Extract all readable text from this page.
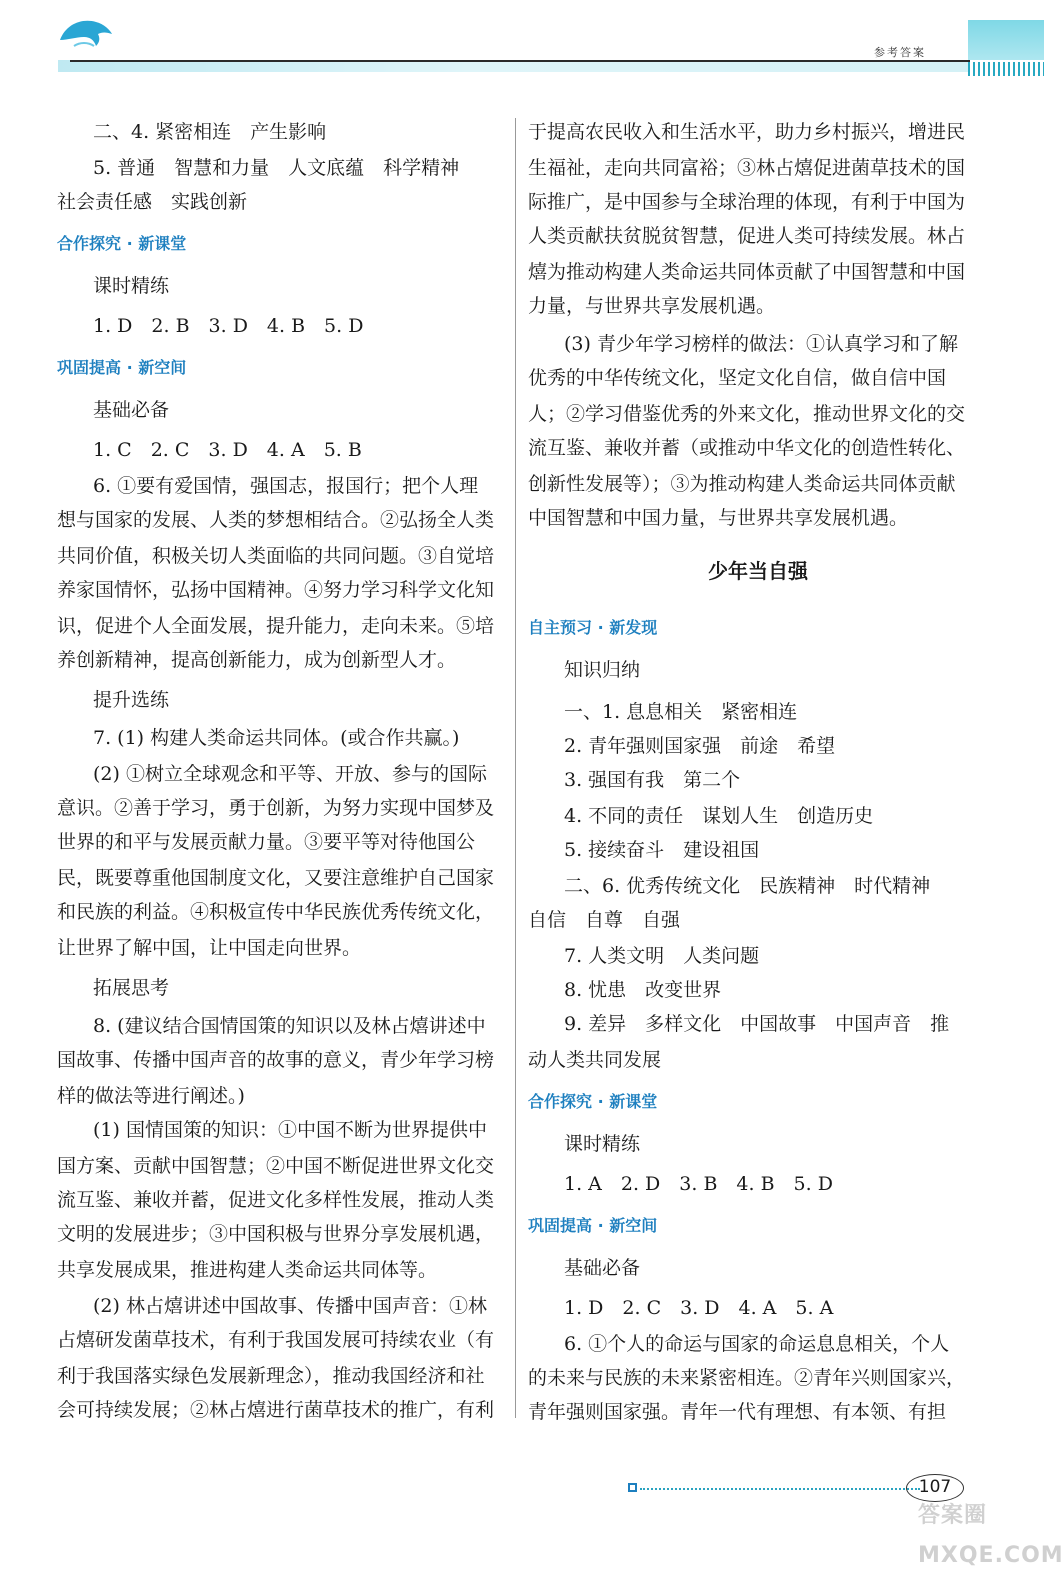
参考答案
二、4. 紧密相连　产生影响
5. 普通　智慧和力量　人文底蕴　科学精神
社会责任感　实践创新
合作探究 · 新课堂
课时精练
1. D　2. B　3. D　4. B　5. D
巩固提高 · 新空间
基础必备
1. C　2. C　3. D　4. A　5. B
6. ①要有爱国情，强国志，报国行；把个人理
想与国家的发展、人类的梦想相结合。②弘扬全人类
共同价值，积极关切人类面临的共同问题。③自觉培
养家国情怀，弘扬中国精神。④努力学习科学文化知
识，促进个人全面发展，提升能力，走向未来。⑤培
养创新精神，提高创新能力，成为创新型人才。
提升选练
7. (1) 构建人类命运共同体。(或合作共赢。)
(2) ①树立全球观念和平等、开放、参与的国际
意识。②善于学习，勇于创新，为努力实现中国梦及
世界的和平与发展贡献力量。③要平等对待他国公
民，既要尊重他国制度文化，又要注意维护自己国家
和民族的利益。④积极宣传中华民族优秀传统文化，
让世界了解中国，让中国走向世界。
拓展思考
8. (建议结合国情国策的知识以及林占熺讲述中
国故事、传播中国声音的故事的意义，青少年学习榜
样的做法等进行阐述。)
(1) 国情国策的知识：①中国不断为世界提供中
国方案、贡献中国智慧；②中国不断促进世界文化交
流互鉴、兼收并蓄，促进文化多样性发展，推动人类
文明的发展进步；③中国积极与世界分享发展机遇，
共享发展成果，推进构建人类命运共同体等。
(2) 林占熺讲述中国故事、传播中国声音：①林
占熺研发菌草技术，有利于我国发展可持续农业（有
利于我国落实绿色发展新理念），推动我国经济和社
会可持续发展；②林占熺进行菌草技术的推广，有利
于提高农民收入和生活水平，助力乡村振兴，增进民
生福祉，走向共同富裕；③林占熺促进菌草技术的国
际推广，是中国参与全球治理的体现，有利于中国为
人类贡献扶贫脱贫智慧，促进人类可持续发展。林占
熺为推动构建人类命运共同体贡献了中国智慧和中国
力量，与世界共享发展机遇。
(3) 青少年学习榜样的做法：①认真学习和了解
优秀的中华传统文化，坚定文化自信，做自信中国
人；②学习借鉴优秀的外来文化，推动世界文化的交
流互鉴、兼收并蓄（或推动中华文化的创造性转化、
创新性发展等）；③为推动构建人类命运共同体贡献
中国智慧和中国力量，与世界共享发展机遇。
少年当自强
自主预习 · 新发现
知识归纳
一、1. 息息相关　紧密相连
2. 青年强则国家强　前途　希望
3. 强国有我　第二个
4. 不同的责任　谋划人生　创造历史
5. 接续奋斗　建设祖国
二、6. 优秀传统文化　民族精神　时代精神
自信　自尊　自强
7. 人类文明　人类问题
8. 忧患　改变世界
9. 差异　多样文化　中国故事　中国声音　推
动人类共同发展
合作探究 · 新课堂
课时精练
1. A　2. D　3. B　4. B　5. D
巩固提高 · 新空间
基础必备
1. D　2. C　3. D　4. A　5. A
6. ①个人的命运与国家的命运息息相关，个人
的未来与民族的未来紧密相连。②青年兴则国家兴，
青年强则国家强。青年一代有理想、有本领、有担
107
答案圈 MXQE.COM
